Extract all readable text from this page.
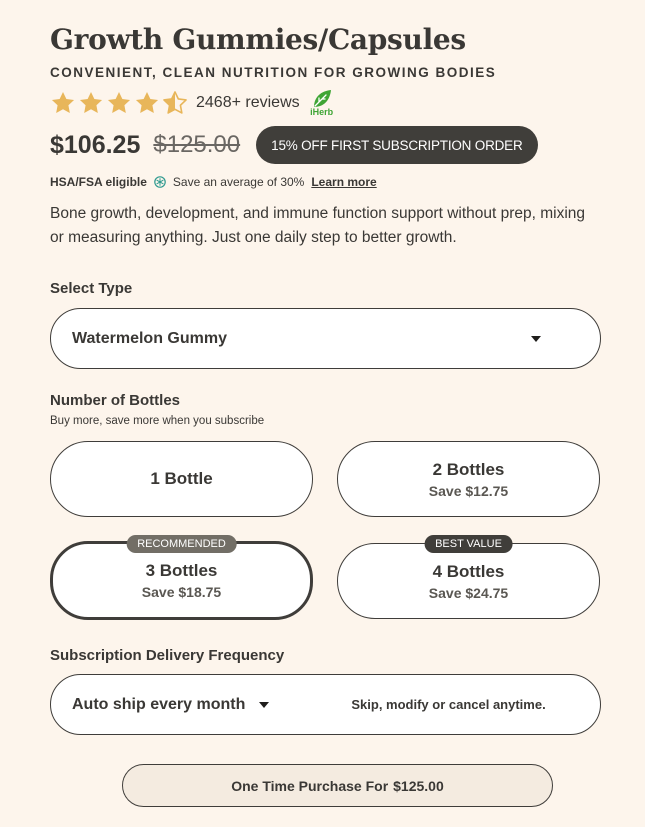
Growth Gummies/Capsules
CONVENIENT, CLEAN NUTRITION FOR GROWING BODIES
2468+ reviews
iHerb
$106.25 $125.00	15% OFF FIRST SUBSCRIPTION ORDER
HSA/FSA eligible Save an average of 30% Learn more

Bone growth, development, and immune function support without prep, mixing or measuring anything. Just one daily step to better growth.

Select Type
Watermelon Gummy
Number of Bottles
Buy more, save more when you subscribe
1 Bottle	2 Bottles
Save $12.75
RECOMMENDED
3 Bottles
Save $18.75
BEST VALUE
4 Bottles
Save $24.75
Subscription Delivery Frequency
Auto ship every month	Skip, modify or cancel anytime.
One Time Purchase For $125.00
